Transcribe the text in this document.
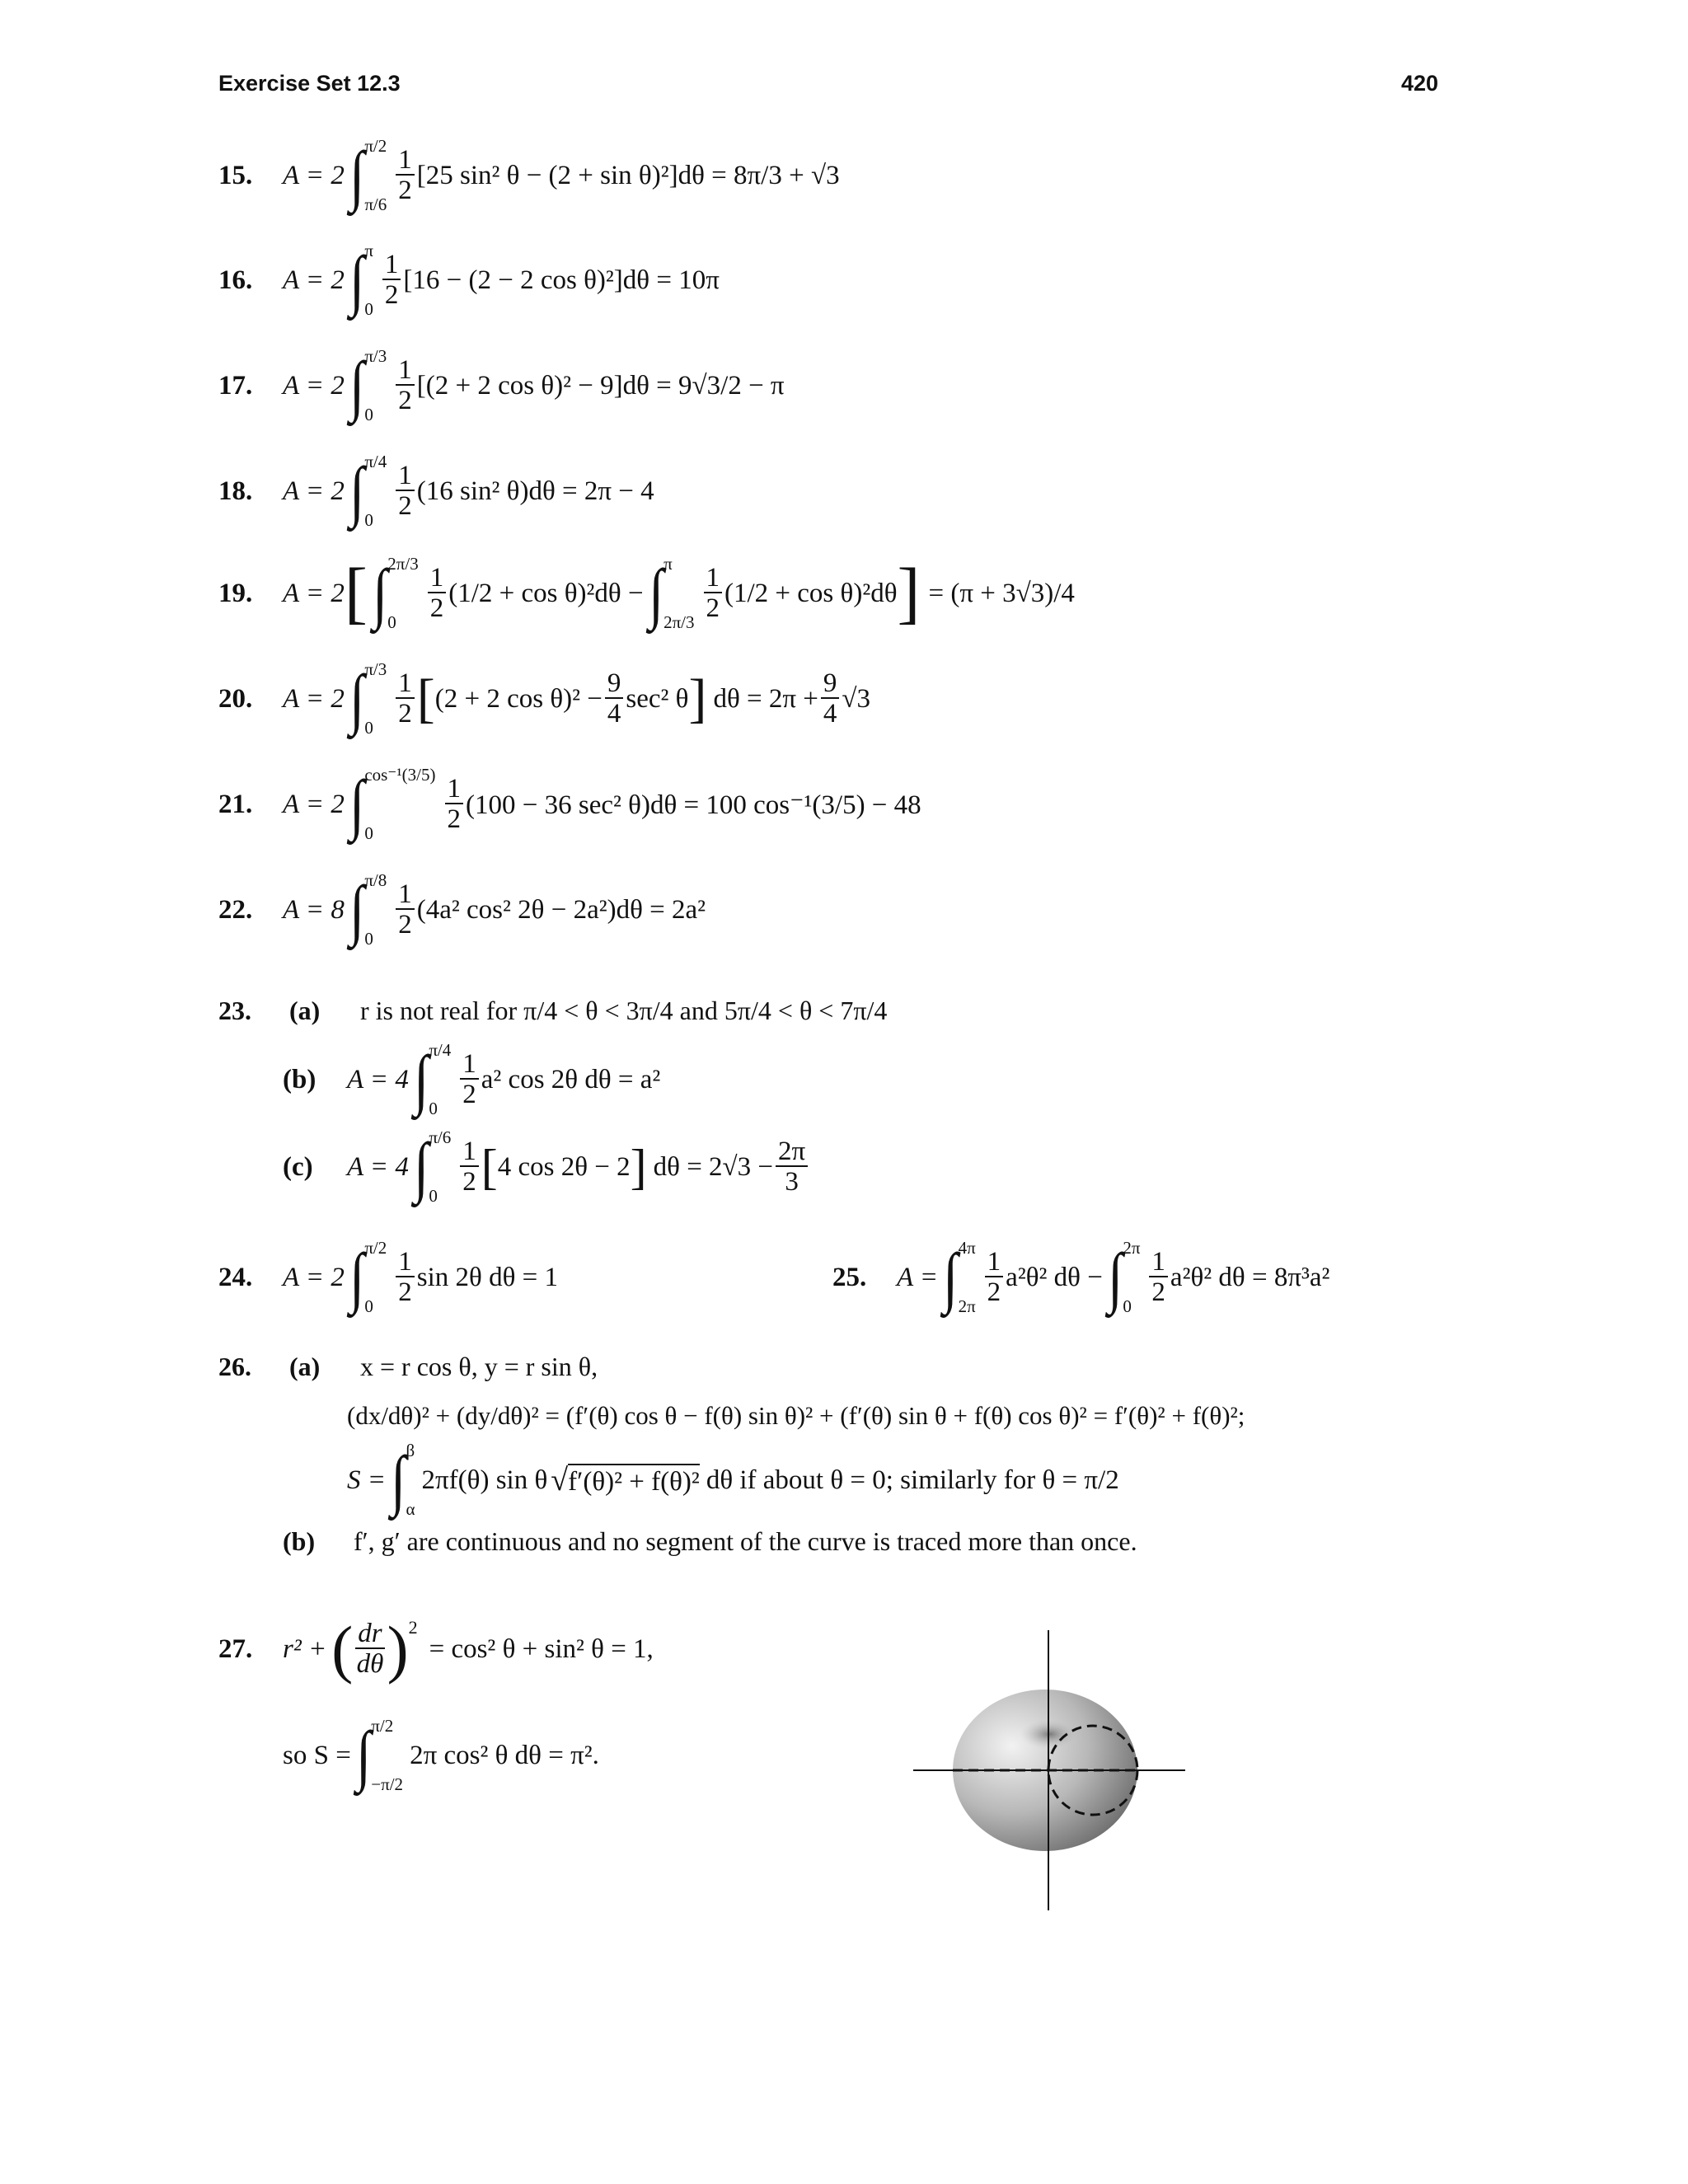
Exercise Set 12.3	420
15.	A = 2 ∫ π/2
$\pi/6 \frac{1}{2} [25$ sin² θ − (2 + sin θ)²]dθ = 8π/3 + √3
16.	A = 2 ∫ π
$0 \frac{1}{2} [16 - (2 - 2$ cos θ)²]dθ = 10π
17.	A = 2 ∫ π/3
$0 \frac{1}{2} [(2 + 2$ cos θ)² − 9]dθ = 9√3/2 − π
18.	A = 2 ∫ π/4
$0 \frac{1}{2} (16$ sin² θ)dθ = 2π − 4
19.	A = 2 [ ∫ 2π/3
0	$\frac{1}{2} (1/2 + \cos \theta)^2d\theta$ − ∫ π
$2\pi/3 \frac{1}{2} (1/2 + \cos \theta)^2d\theta$ ] = (π + 3√3)/4
20.	A = 2 ∫ π/3
$0 \frac{1}{2}$ [ (2 + 2 $\cos \theta)^2 - \frac{9}{4} \sec^2$ θ ] $d\theta = 2\pi + \frac{9}{4} √3$
21.	A = 2 ∫ cos⁻¹(3/5)
0	$\frac{1}{2} (100 - 36$ sec² θ)dθ = 100 cos⁻¹(3/5) − 48
22.	A = 8 ∫ π/8
$0 \frac{1}{2} (4a^2$ cos² 2θ − 2a²)dθ = 2a²
23. (a) r is not real for π/4 < θ < 3π/4 and 5π/4 < θ < 7π/4
(b)	A = 4 ∫ π/4
$0 \frac{1}{2} a^2$ cos 2θ dθ = a²
(c)	A = 4 ∫ π/6
$0 \frac{1}{2}$ [ 4 cos 2θ − 2 ] $d\theta = 2√3 - \frac{2\pi}{3}$
24.	A = 2 ∫ π/2
$0 \frac{1}{2}$ sin 2θ dθ = 1	25.	A = ∫ 4π
$2\pi \frac{1}{2} a^2\theta^2$ dθ − ∫ 2π
$0 \frac{1}{2} a^2\theta^2$ dθ = 8π³a²
26. (a) x = r cos θ, y = r sin θ,
(dx/dθ)² + (dy/dθ)² = (f′(θ) cos θ − f(θ) sin θ)² + (f′(θ) sin θ + f(θ) cos θ)² = f′(θ)² + f(θ)²;
S = ∫ β
α
2πf(θ) sin θ √ f′(θ)² + f(θ)² dθ if about θ = 0; similarly for θ = π/2
(b) f′, g′ are continuous and no segment of the curve is traced more than once.
27.	r² + ( $\frac{dr}{d\theta}$ ) 2
= cos² θ + sin² θ = 1,
so S = ∫ π/2
−π/2
2π cos² θ dθ = π².
